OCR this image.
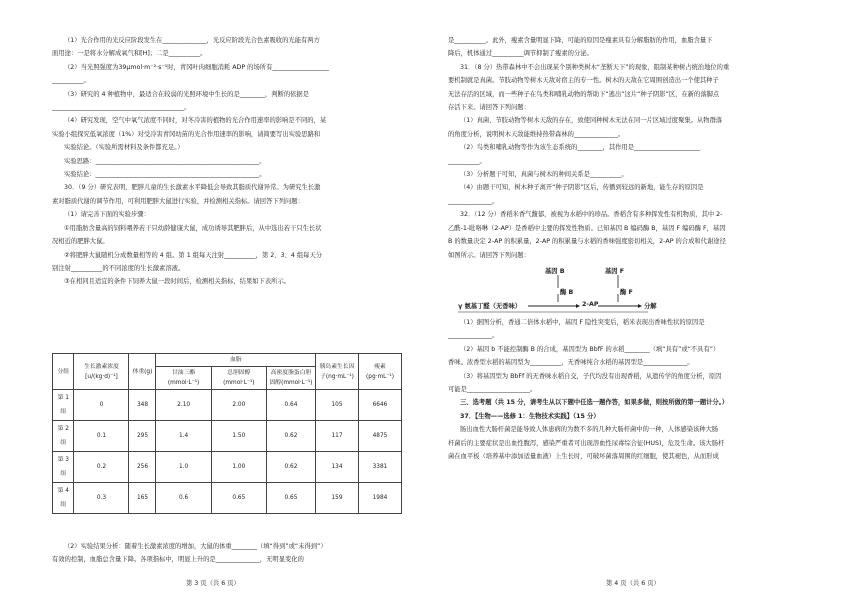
（1）光合作用的光反应阶段发生在______________，光反应阶段光合色素吸收的光能有两方

面用途：一是将水分解成氧气和[H]；二是__________。

（2）当光照强度为39μmol·m⁻²·s⁻¹时，青冈叶肉细胞消耗 ADP 的场所有__________________

__________。

（3）研究的 4 种植物中，最适合在较弱的光照环境中生长的是________，判断的依据是

__________________________________________。

（4）研究发现，空气中氧气浓度不同时，对冬冷害的植物的光合作用速率的影响是不同的，某

实验小组探究低氧浓度（1%）对受冷害青冈幼苗的光合作用速率的影响，请简要写出实验思路和

实验结论。（实验所需材料及条件都充足。）

实验思路：____________________________________________________。

实验结论：____________________________________________________。

30．（9 分）研究表明，肥胖儿童的生长激素水平降低会导致其脂质代谢异常。为研究生长激

素对脂质代谢的调节作用，可利用肥胖大鼠进行实验，并检测相关指标。请回答下列问题：

（1）请完善下面的实验步骤：

①用脂肪含量高的饲料喂养若干只幼龄健康大鼠，成功诱导其肥胖后，从中选出若干只生长状

况相近的肥胖大鼠。

②将肥胖大鼠随机分成数量相等的 4 组。第 1 组每天注射__________，第 2、3、4 组每天分

别注射__________的不同浓度的生长激素溶液。

③在相同且适宜的条件下饲养大鼠一段时间后，检测相关指标，结果如下表所示。

分组	生长激素浓度[u/(kg·d)⁻¹]	体重(g)	血脂			胰岛素生长因子(ng·mL⁻¹)	瘦素(pg·mL⁻¹)
			甘油三酯(mmol·L⁻¹)	总胆固醇(mmol·L⁻¹)	高密度脂蛋白胆固醇(mmol·L⁻¹)		
第 1 组	0	348	2.10	2.00	0.64	105	6646
第 2 组	0.1	295	1.4	1.50	0.62	117	4875
第 3 组	0.2	256	1.0	1.00	0.62	134	3381
第 4 组	0.3	165	0.6	0.65	0.65	159	1984

（2）实验结果分析：随着生长激素浓度的增加，大鼠的体重________（填“得到”或“未得到”）

有效的控制，血脂总含量下降。各项指标中，明显上升的是______________，无明显变化的

第 3 页（共 6 页）

是__________。此外，瘦素含量明显下降，可能的原因是瘦素具有分解脂肪的作用，血脂含量下

降后，机体通过__________调节抑制了瘦素的分泌。

31．（8 分）热带森林中不会出现某个别种类树木“垄断天下”的现象，阻制某种树占统治地位的重

要机制就是真菌。节肢动物等树木天敌对宿主的专一性。树木的天敌在它周围创造出一个使其种子

无法存活的区域，而一些种子在鸟类和哺乳动物的帮助下“逃出”这片“种子阴影”区，在新的落脚点

存活下来。请回答下列问题：

（1）真菌、节肢动物等树木天敌的存在，致使同种树木无法在同一片区域过度聚集。从物群落

的角度分析，说明树木天敌能维持热带森林的______________。

（2）鸟类和哺乳动物等作为该生态系统的________，其作用是_____________________

__________。

（3）分析题干可知，真菌与树木的种间关系是__________。

（4）由题干可知，树木种子离开“种子阴影”区后，传播到较远的新地，能生存的原因是

______________。

32．（12 分）香稻米香气馥郁，被视为水稻中的珍品。香稻含有多种挥发性有机物质，其中 2-

乙酰-1-吡咯啉（2-AP）是香稻中主要的挥发性物质。已知基因 B 编码酶 B，基因 F 编码酶 F，基因

B 的数量决定 2-AP 的积累量，2-AP 的积累量与水稻的香味强度密切相关，2-AP 的合成和代谢途径

如图所示。请回答下列问题：

基因 B	基因 F
酶 B	酶 F
γ 氨基丁醛（无香味）	2-AP	分解

（1）据图分析，香通二倍体水稻中，基因 F 隐性突变后，稻米表现出香味性状的原因是

______________。

（2）基因 b 不能控制酶 B 的合成，基因型为 BbfF 的水稻________（填“具有”或“不具有”）

香味。浓香型水稻的基因型为__________，无香味纯合水稻的基因型是______________。

（3）将基因型为 BbFf 的无香味水稻自交，子代均没有出现香稻，从遗传学的角度分析，原因

可能是____________________。

三、选考题（共 15 分，请考生从以下题中任选一题作答，如果多做，则按所做的第一题计分。）

37．【生物——选修 1：生物技术实践】（15 分）

肠出血性大肠杆菌是能导致人体患病的为数不多的几种大肠杆菌中的一种，人体感染该种大肠

杆菌后的主要症状是出血性腹泻，感染严重者可出现溶血性尿毒综合征(HUS)，危及生命。该大肠杆

菌在血平板（培养基中添加适量血液）上生长时，可破坏菌落周围的红细胞，使其褪色，从而形成

第 4 页（共 6 页）
